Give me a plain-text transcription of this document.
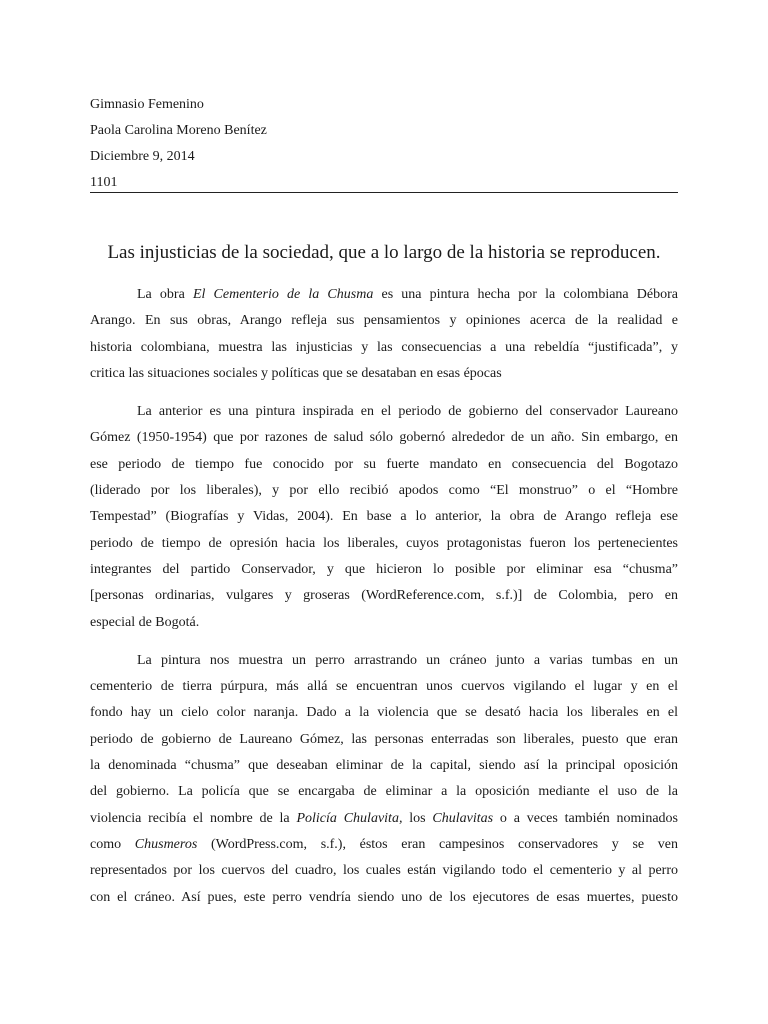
Gimnasio Femenino
Paola Carolina Moreno Benítez
Diciembre 9, 2014
1101
Las injusticias de la sociedad, que a lo largo de la historia se reproducen.
La obra El Cementerio de la Chusma es una pintura hecha por la colombiana Débora
Arango. En sus obras, Arango refleja sus pensamientos y opiniones acerca de la realidad e
historia colombiana, muestra las injusticias y las consecuencias a una rebeldía “justificada”, y
critica las situaciones sociales y políticas que se desataban en esas épocas
La anterior es una pintura inspirada en el periodo de gobierno del conservador Laureano
Gómez (1950-1954) que por razones de salud sólo gobernó alrededor de un año. Sin embargo, en
ese periodo de tiempo fue conocido por su fuerte mandato en consecuencia del Bogotazo
(liderado por los liberales), y por ello recibió apodos como “El monstruo” o el “Hombre
Tempestad” (Biografías y Vidas, 2004). En base a lo anterior, la obra de Arango refleja ese
periodo de tiempo de opresión hacia los liberales, cuyos protagonistas fueron los pertenecientes
integrantes del partido Conservador, y que hicieron lo posible por eliminar esa “chusma”
[personas ordinarias, vulgares y groseras (WordReference.com, s.f.)] de Colombia, pero en
especial de Bogotá.
La pintura nos muestra un perro arrastrando un cráneo junto a varias tumbas en un
cementerio de tierra púrpura, más allá se encuentran unos cuervos vigilando el lugar y en el
fondo hay un cielo color naranja. Dado a la violencia que se desató hacia los liberales en el
periodo de gobierno de Laureano Gómez, las personas enterradas son liberales, puesto que eran
la denominada “chusma” que deseaban eliminar de la capital, siendo así la principal oposición
del gobierno. La policía que se encargaba de eliminar a la oposición mediante el uso de la
violencia recibía el nombre de la Policía Chulavita, los Chulavitas o a veces también nominados
como Chusmeros (WordPress.com, s.f.), éstos eran campesinos conservadores y se ven
representados por los cuervos del cuadro, los cuales están vigilando todo el cementerio y al perro
con el cráneo. Así pues, este perro vendría siendo uno de los ejecutores de esas muertes, puesto
